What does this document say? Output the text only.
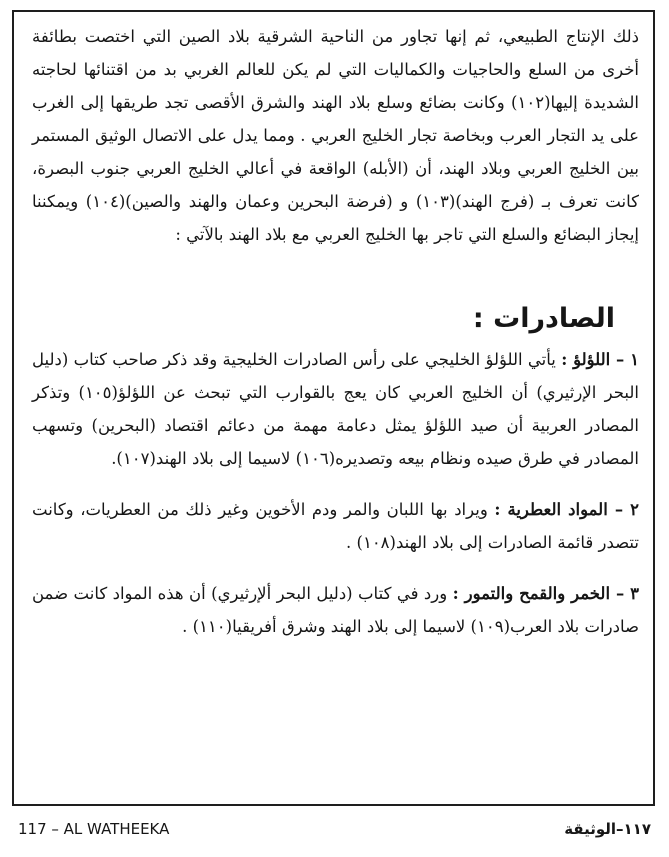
ذلك الإنتاج الطبيعي، ثم إنها تجاور من الناحية الشرقية بلاد الصين التي اختصت بطائفة أخرى من السلع والحاجيات والكماليات التي لم يكن للعالم الغربي بد من اقتنائها لحاجته الشديدة إليها(١٠٢) وكانت بضائع وسلع بلاد الهند والشرق الأقصى تجد طريقها إلى الغرب على يد التجار العرب وبخاصة تجار الخليج العربي . ومما يدل على الاتصال الوثيق المستمر بين الخليج العربي وبلاد الهند، أن (الأبله) الواقعة في أعالي الخليج العربي جنوب البصرة، كانت تعرف بـ (فرج الهند)(١٠٣) و (فرضة البحرين وعمان والهند والصين)(١٠٤) ويمكننا إيجاز البضائع والسلع التي تاجر بها الخليج العربي مع بلاد الهند بالآتي :

الصادرات :

١ – اللؤلؤ : يأتي اللؤلؤ الخليجي على رأس الصادرات الخليجية وقد ذكر صاحب كتاب (دليل البحر الإرثيري) أن الخليج العربي كان يعج بالقوارب التي تبحث عن اللؤلؤ(١٠٥) وتذكر المصادر العربية أن صيد اللؤلؤ يمثل دعامة مهمة من دعائم اقتصاد (البحرين) وتسهب المصادر في طرق صيده ونظام بيعه وتصديره(١٠٦) لاسيما إلى بلاد الهند(١٠٧).

٢ – المواد العطرية : ويراد بها اللبان والمر ودم الأخوين وغير ذلك من العطريات، وكانت تتصدر قائمة الصادرات إلى بلاد الهند(١٠٨) .

٣ – الخمر والقمح والتمور : ورد في كتاب (دليل البحر ألإرثيري) أن هذه المواد كانت ضمن صادرات بلاد العرب(١٠٩) لاسيما إلى بلاد الهند وشرق أفريقيا(١١٠) .

117 – AL WATHEEKA	١١٧–الوثيقة
